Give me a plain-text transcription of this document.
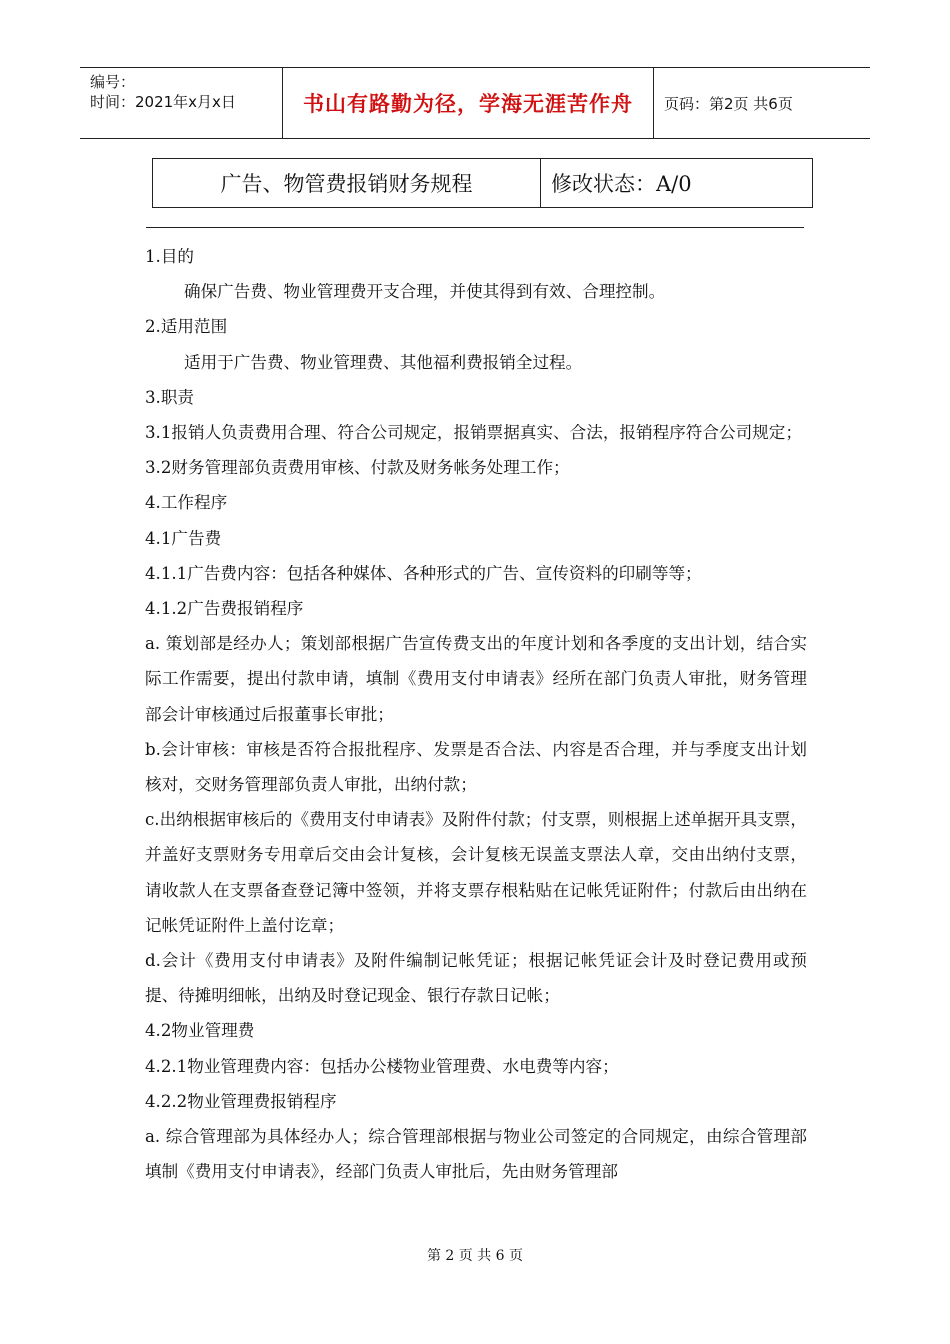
编号：
时间：2021年x月x日	书山有路勤为径，学海无涯苦作舟	页码：第2页 共6页
广告、物管费报销财务规程	修改状态：A/0

1.目的

确保广告费、物业管理费开支合理，并使其得到有效、合理控制。

2.适用范围

适用于广告费、物业管理费、其他福利费报销全过程。

3.职责

3.1报销人负责费用合理、符合公司规定，报销票据真实、合法，报销程序符合公司规定；

3.2财务管理部负责费用审核、付款及财务帐务处理工作；

4.工作程序

4.1广告费

4.1.1广告费内容：包括各种媒体、各种形式的广告、宣传资料的印刷等等；

4.1.2广告费报销程序

a. 策划部是经办人；策划部根据广告宣传费支出的年度计划和各季度的支出计划，结合实际工作需要，提出付款申请，填制《费用支付申请表》经所在部门负责人审批，财务管理部会计审核通过后报董事长审批；

b.会计审核：审核是否符合报批程序、发票是否合法、内容是否合理，并与季度支出计划核对，交财务管理部负责人审批，出纳付款；

c.出纳根据审核后的《费用支付申请表》及附件付款；付支票，则根据上述单据开具支票，并盖好支票财务专用章后交由会计复核，会计复核无误盖支票法人章，交由出纳付支票，请收款人在支票备查登记簿中签领，并将支票存根粘贴在记帐凭证附件；付款后由出纳在记帐凭证附件上盖付讫章；

d.会计《费用支付申请表》及附件编制记帐凭证；根据记帐凭证会计及时登记费用或预提、待摊明细帐，出纳及时登记现金、银行存款日记帐；

4.2物业管理费

4.2.1物业管理费内容：包括办公楼物业管理费、水电费等内容；

4.2.2物业管理费报销程序

a. 综合管理部为具体经办人；综合管理部根据与物业公司签定的合同规定，由综合管理部填制《费用支付申请表》，经部门负责人审批后，先由财务管理部

第 2 页 共 6 页
